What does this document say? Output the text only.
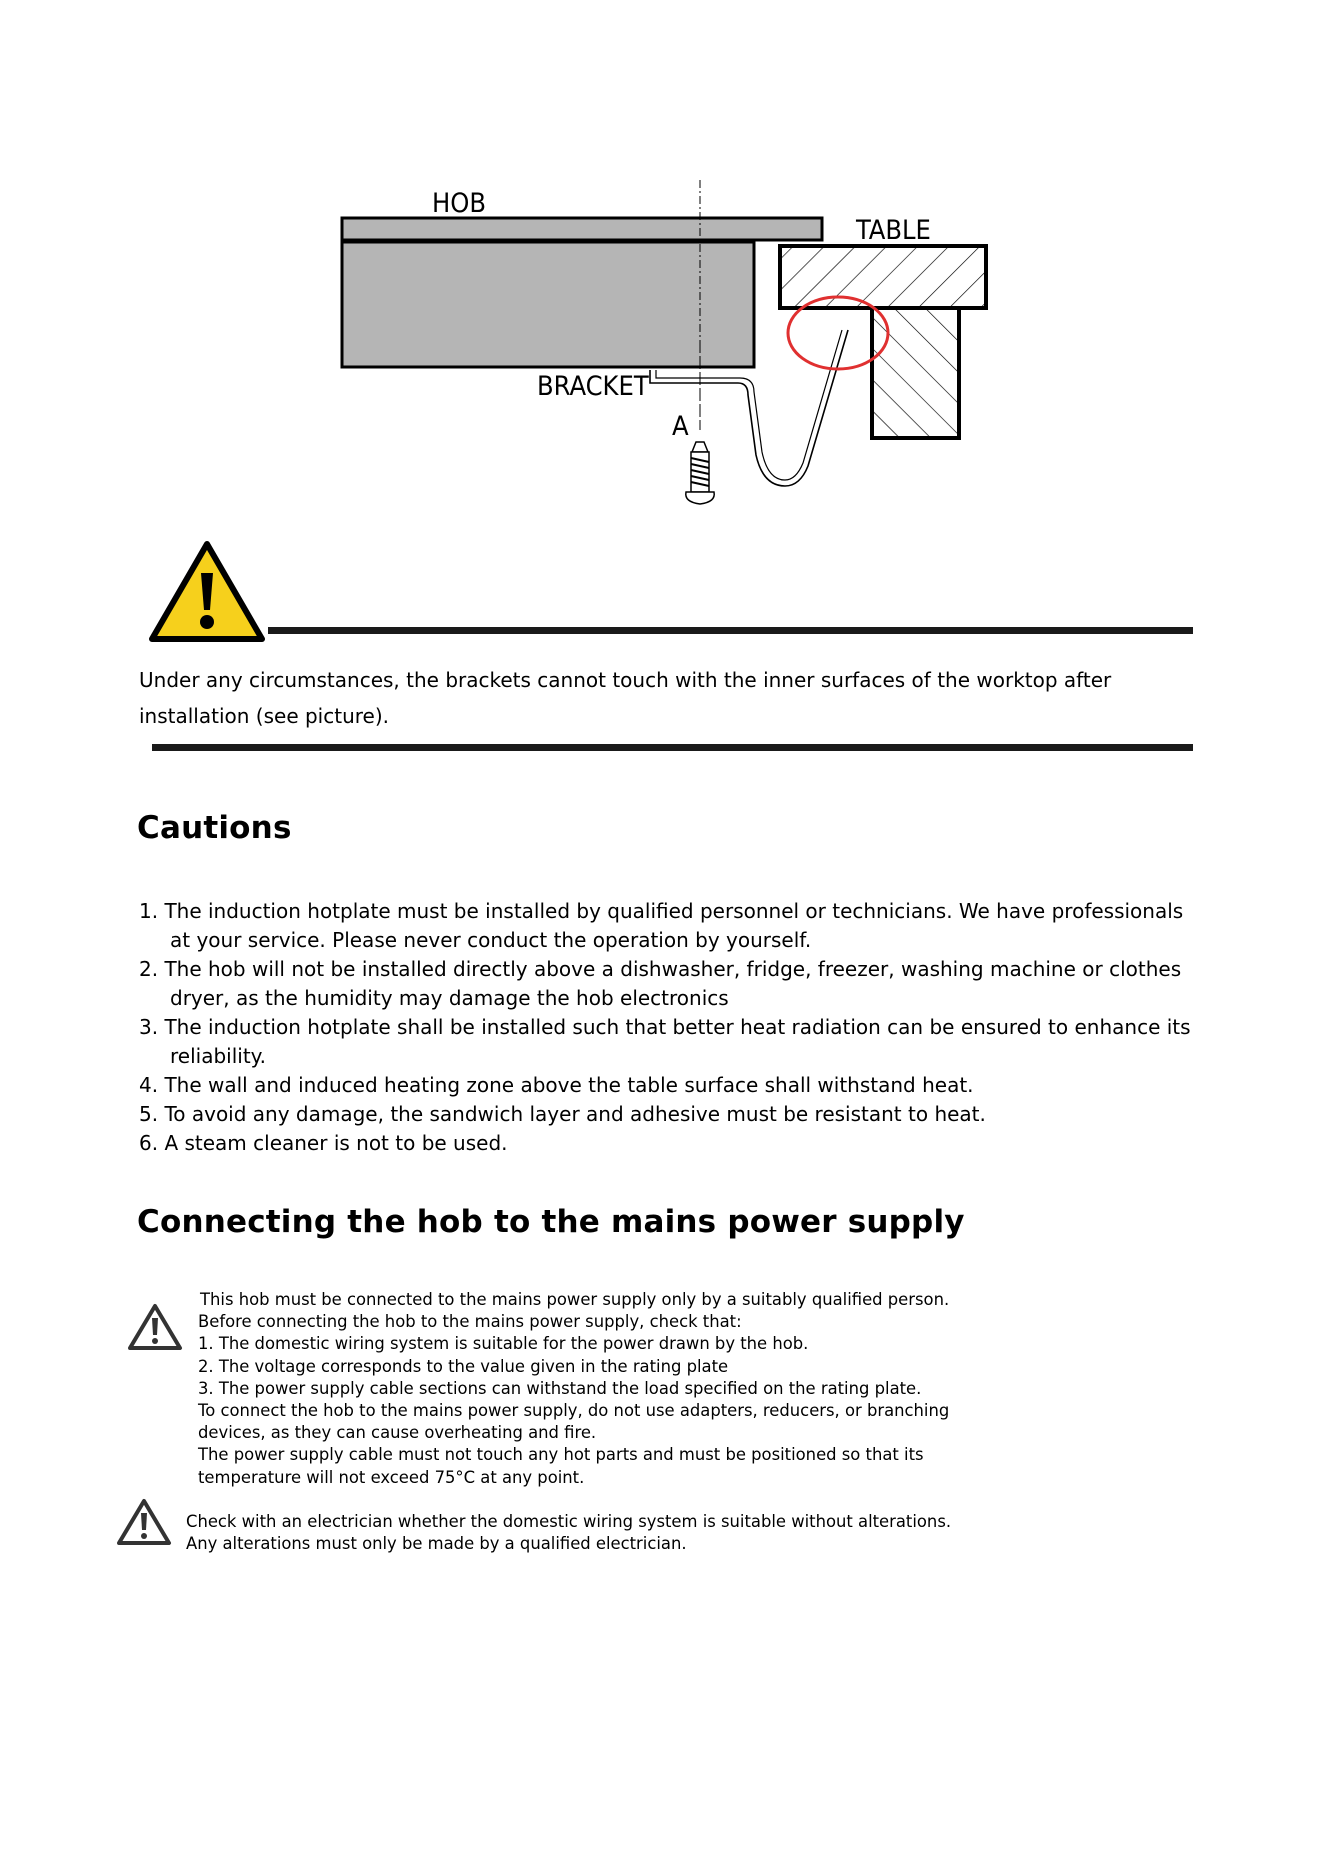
HOB
TABLE
BRACKET
A
Under any circumstances, the brackets cannot touch with the inner surfaces of the worktop after installation (see picture).
Cautions
1. The induction hotplate must be installed by qualified personnel or technicians. We have professionals at your service. Please never conduct the operation by yourself.
2. The hob will not be installed directly above a dishwasher, fridge, freezer, washing machine or clothes dryer, as the humidity may damage the hob electronics
3. The induction hotplate shall be installed such that better heat radiation can be ensured to enhance its reliability.
4. The wall and induced heating zone above the table surface shall withstand heat.
5. To avoid any damage, the sandwich layer and adhesive must be resistant to heat.
6. A steam cleaner is not to be used.
Connecting the hob to the mains power supply

This hob must be connected to the mains power supply only by a suitably qualified person.

Before connecting the hob to the mains power supply, check that:

1. The domestic wiring system is suitable for the power drawn by the hob.

2. The voltage corresponds to the value given in the rating plate

3. The power supply cable sections can withstand the load specified on the rating plate.

To connect the hob to the mains power supply, do not use adapters, reducers, or branching

devices, as they can cause overheating and fire.

The power supply cable must not touch any hot parts and must be positioned so that its

temperature will not exceed 75°C at any point.

Check with an electrician whether the domestic wiring system is suitable without alterations.

Any alterations must only be made by a qualified electrician.
